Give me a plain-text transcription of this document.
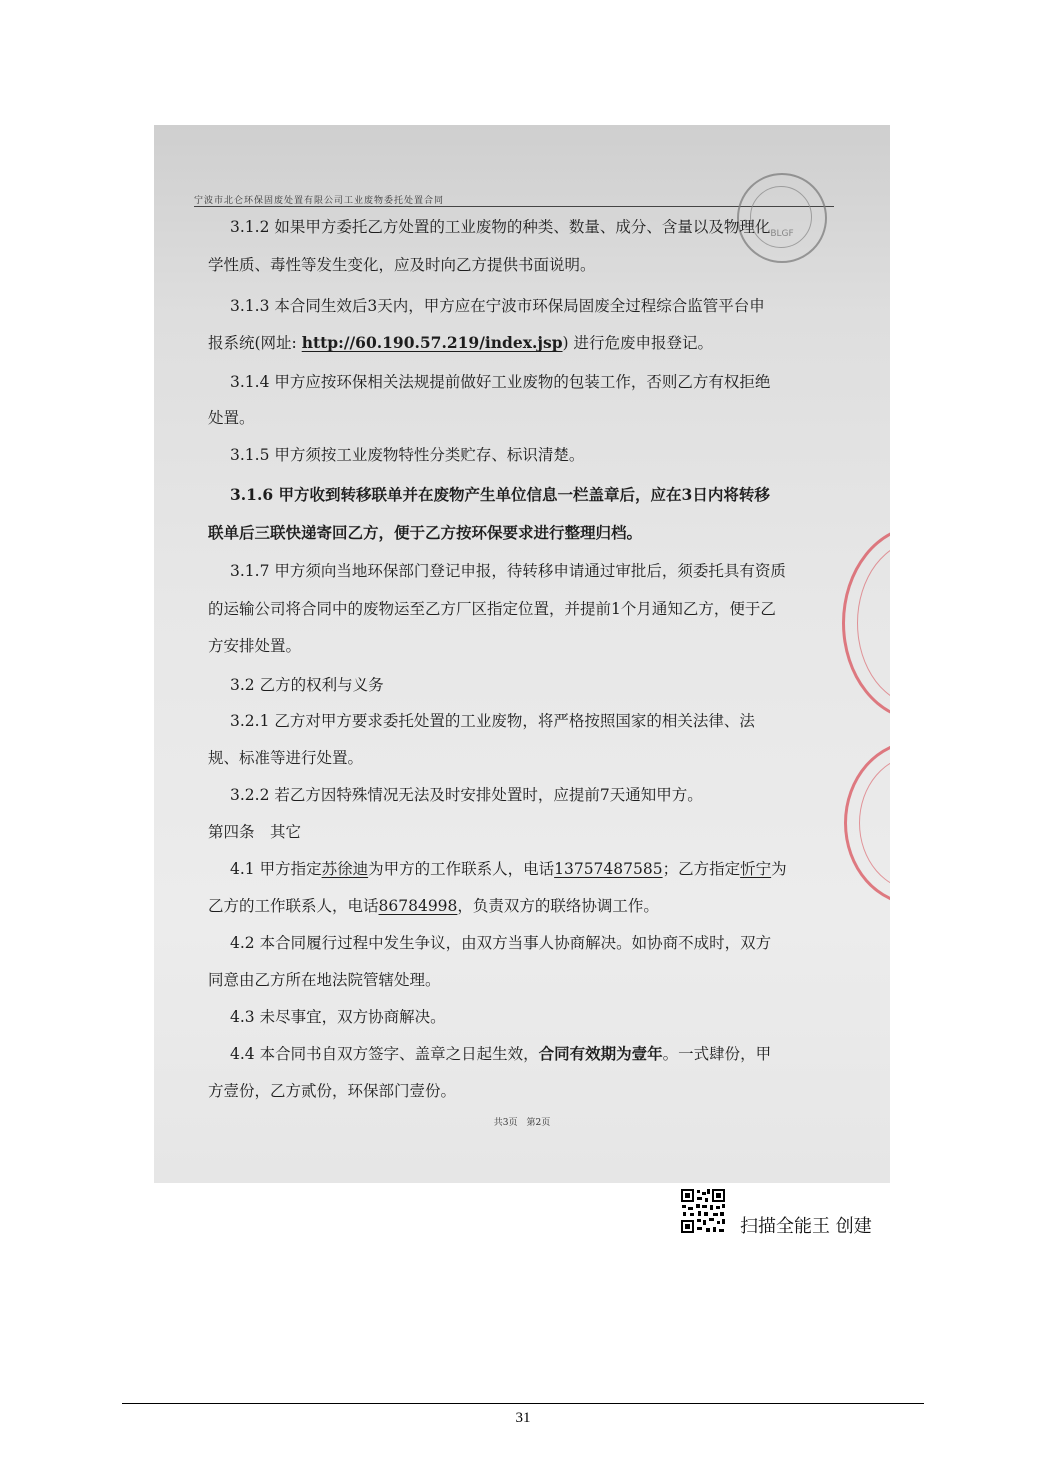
宁波市北仑环保固废处置有限公司工业废物委托处置合同
BLGF
3.1.2 如果甲方委托乙方处置的工业废物的种类、数量、成分、含量以及物理化
学性质、毒性等发生变化，应及时向乙方提供书面说明。
3.1.3 本合同生效后3天内，甲方应在宁波市环保局固废全过程综合监管平台申
报系统(网址: http://60.190.57.219/index.jsp) 进行危废申报登记。
3.1.4 甲方应按环保相关法规提前做好工业废物的包装工作，否则乙方有权拒绝
处置。
3.1.5 甲方须按工业废物特性分类贮存、标识清楚。
3.1.6 甲方收到转移联单并在废物产生单位信息一栏盖章后，应在3日内将转移
联单后三联快递寄回乙方，便于乙方按环保要求进行整理归档。
3.1.7 甲方须向当地环保部门登记申报，待转移申请通过审批后，须委托具有资质
的运输公司将合同中的废物运至乙方厂区指定位置，并提前1个月通知乙方，便于乙
方安排处置。
3.2 乙方的权利与义务
3.2.1 乙方对甲方要求委托处置的工业废物，将严格按照国家的相关法律、法
规、标准等进行处置。
3.2.2 若乙方因特殊情况无法及时安排处置时，应提前7天通知甲方。
第四条　其它
4.1 甲方指定苏徐迪为甲方的工作联系人，电话13757487585；乙方指定忻宁为
乙方的工作联系人，电话86784998，负责双方的联络协调工作。
4.2 本合同履行过程中发生争议，由双方当事人协商解决。如协商不成时，双方
同意由乙方所在地法院管辖处理。
4.3 未尽事宜，双方协商解决。
4.4 本合同书自双方签字、盖章之日起生效，合同有效期为壹年。一式肆份，甲
方壹份，乙方贰份，环保部门壹份。
共3页　第2页
扫描全能王 创建
31
